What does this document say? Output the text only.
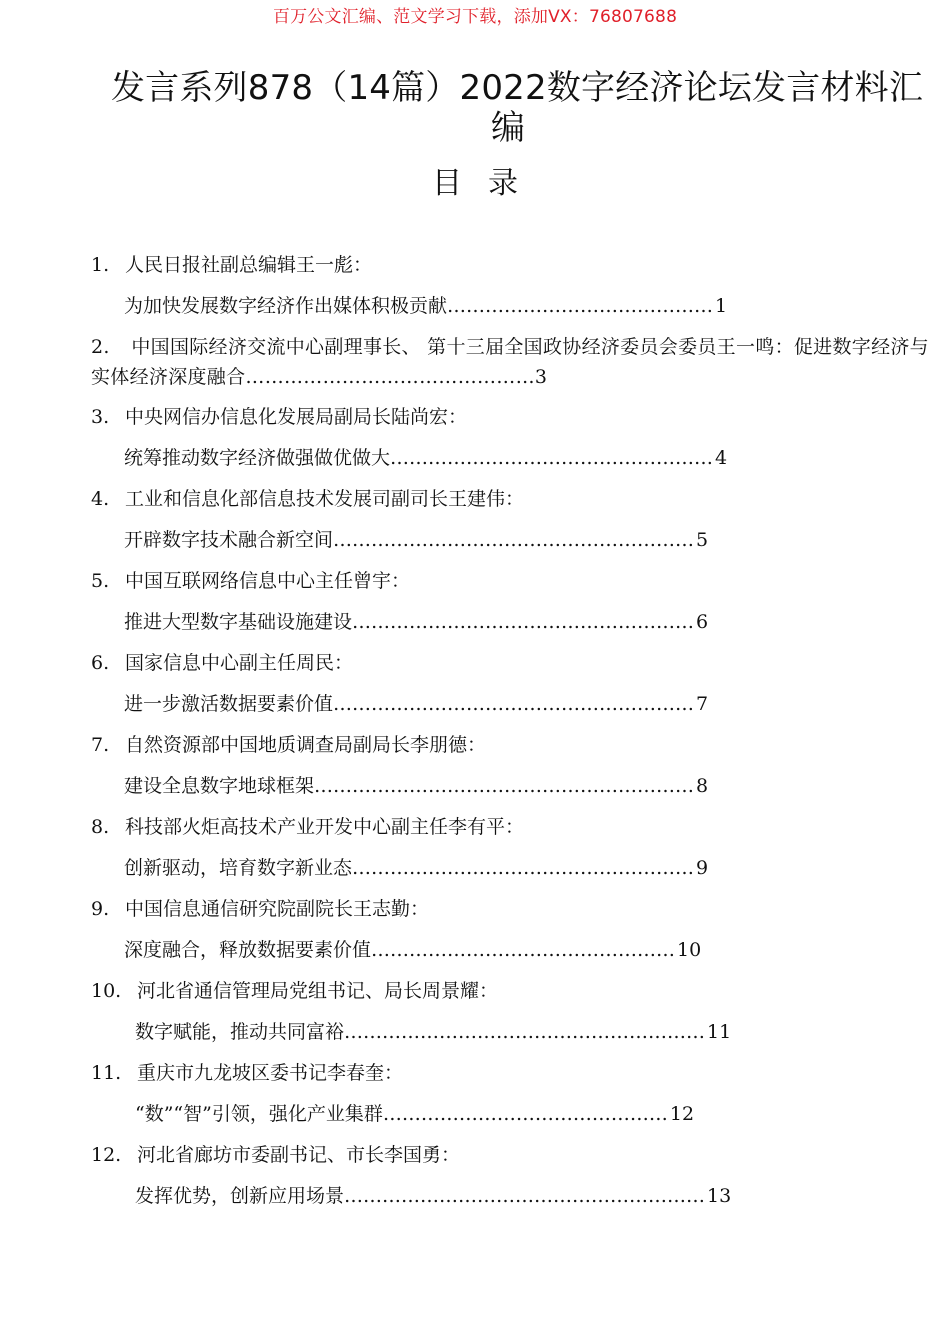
百万公文汇编、范文学习下载，添加VX：76807688
发言系列878（14篇）2022数字经济论坛发言材料汇
编
目录
1. 人民日报社副总编辑王一彪：
为加快发展数字经济作出媒体积极贡献…………………………………… 1
2. 中国国际经济交流中心副理事长、 第十三届全国政协经济委员会委员王一鸣：促进数字经济与实体经济深度融合………………………………………3
3. 中央网信办信息化发展局副局长陆尚宏：
统筹推动数字经济做强做优做大…………………………………………… 4
4. 工业和信息化部信息技术发展司副司长王建伟：
开辟数字技术融合新空间………………………………………………… 5
5. 中国互联网络信息中心主任曾宇：
推进大型数字基础设施建设……………………………………………… 6
6. 国家信息中心副主任周民：
进一步激活数据要素价值………………………………………………… 7
7. 自然资源部中国地质调查局副局长李朋德：
建设全息数字地球框架…………………………………………………… 8
8. 科技部火炬高技术产业开发中心副主任李有平：
创新驱动，培育数字新业态……………………………………………… 9
9. 中国信息通信研究院副院长王志勤：
深度融合，释放数据要素价值………………………………………… 10
10. 河北省通信管理局党组书记、局长周景耀：
数字赋能，推动共同富裕………………………………………………… 11
11. 重庆市九龙坡区委书记李春奎：
“数”“智”引领，强化产业集群……………………………………… 12
12. 河北省廊坊市委副书记、市长李国勇：
发挥优势，创新应用场景………………………………………………… 13
